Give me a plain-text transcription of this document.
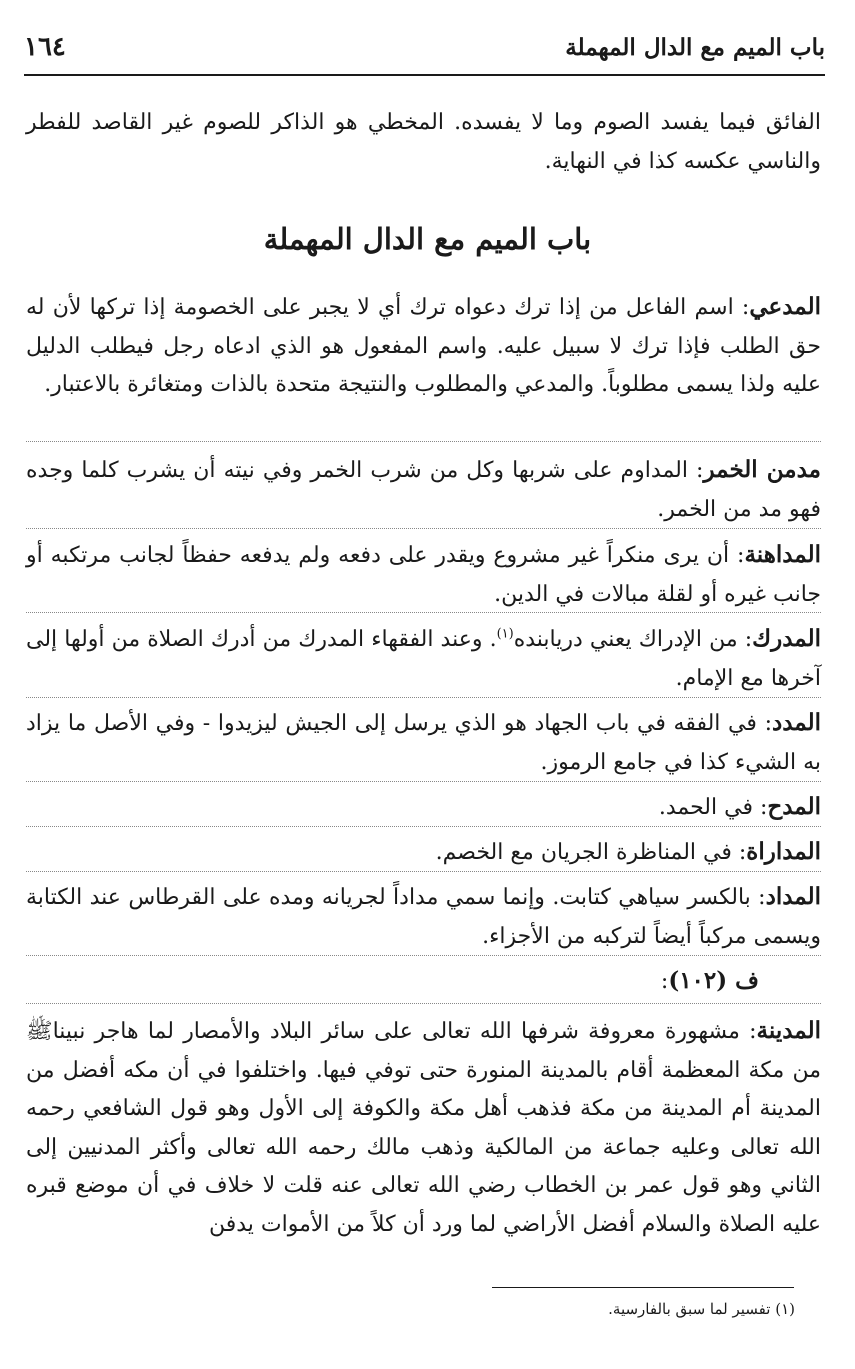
باب الميم مع الدال المهملة
١٦٤
الفائق فيما يفسد الصوم وما لا يفسده. المخطي هو الذاكر للصوم غير القاصد للفطر والناسي عكسه كذا في النهاية.
باب الميم مع الدال المهملة
المدعي: اسم الفاعل من إذا ترك دعواه ترك أي لا يجبر على الخصومة إذا تركها لأن له حق الطلب فإذا ترك لا سبيل عليه. واسم المفعول هو الذي ادعاه رجل فيطلب الدليل عليه ولذا يسمى مطلوباً. والمدعي والمطلوب والنتيجة متحدة بالذات ومتغائرة بالاعتبار.
مدمن الخمر: المداوم على شربها وكل من شرب الخمر وفي نيته أن يشرب كلما وجده فهو مد من الخمر.
المداهنة: أن يرى منكراً غير مشروع ويقدر على دفعه ولم يدفعه حفظاً لجانب مرتكبه أو جانب غيره أو لقلة مبالات في الدين.
المدرك: من الإدراك يعني دريابنده$^{(١)}$. وعند الفقهاء المدرك من أدرك الصلاة من أولها إلى آخرها مع الإمام.
المدد: في الفقه في باب الجهاد هو الذي يرسل إلى الجيش ليزيدوا - وفي الأصل ما يزاد به الشيء كذا في جامع الرموز.
المدح: في الحمد.
المداراة: في المناظرة الجريان مع الخصم.
المداد: بالكسر سياهي كتابت. وإنما سمي مداداً لجريانه ومده على القرطاس عند الكتابة ويسمى مركباً أيضاً لتركبه من الأجزاء.
ف (١٠٢):
المدينة: مشهورة معروفة شرفها الله تعالى على سائر البلاد والأمصار لما هاجر نبيناﷺ من مكة المعظمة أقام بالمدينة المنورة حتى توفي فيها. واختلفوا في أن مكه أفضل من المدينة أم المدينة من مكة فذهب أهل مكة والكوفة إلى الأول وهو قول الشافعي رحمه الله تعالى وعليه جماعة من المالكية وذهب مالك رحمه الله تعالى وأكثر المدنيين إلى الثاني وهو قول عمر بن الخطاب رضي الله تعالى عنه قلت لا خلاف في أن موضع قبره عليه الصلاة والسلام أفضل الأراضي لما ورد أن كلاً من الأموات يدفن
(١) تفسير لما سبق بالفارسية.
